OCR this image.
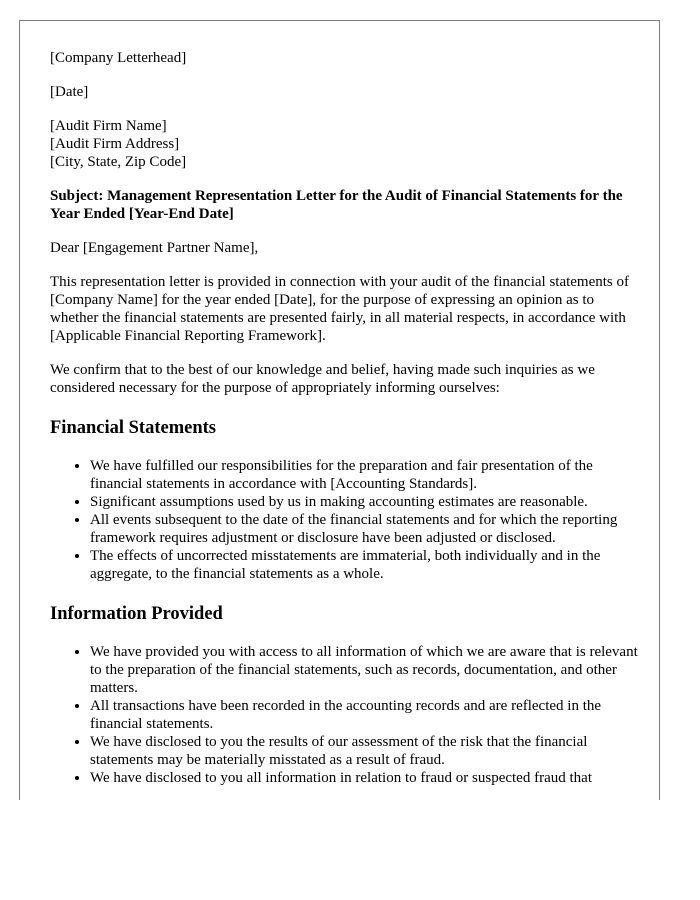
[Company Letterhead]

[Date]

[Audit Firm Name]
[Audit Firm Address]
[City, State, Zip Code]

Subject: Management Representation Letter for the Audit of Financial Statements for the Year Ended [Year-End Date]

Dear [Engagement Partner Name],

This representation letter is provided in connection with your audit of the financial statements of [Company Name] for the year ended [Date], for the purpose of expressing an opinion as to whether the financial statements are presented fairly, in all material respects, in accordance with [Applicable Financial Reporting Framework].

We confirm that to the best of our knowledge and belief, having made such inquiries as we considered necessary for the purpose of appropriately informing ourselves:

Financial Statements
• We have fulfilled our responsibilities for the preparation and fair presentation of the financial statements in accordance with [Accounting Standards].
• Significant assumptions used by us in making accounting estimates are reasonable.
• All events subsequent to the date of the financial statements and for which the reporting framework requires adjustment or disclosure have been adjusted or disclosed.
• The effects of uncorrected misstatements are immaterial, both individually and in the aggregate, to the financial statements as a whole.
Information Provided
• We have provided you with access to all information of which we are aware that is relevant to the preparation of the financial statements, such as records, documentation, and other matters.
• All transactions have been recorded in the accounting records and are reflected in the financial statements.
• We have disclosed to you the results of our assessment of the risk that the financial statements may be materially misstated as a result of fraud.
• We have disclosed to you all information in relation to fraud or suspected fraud that
